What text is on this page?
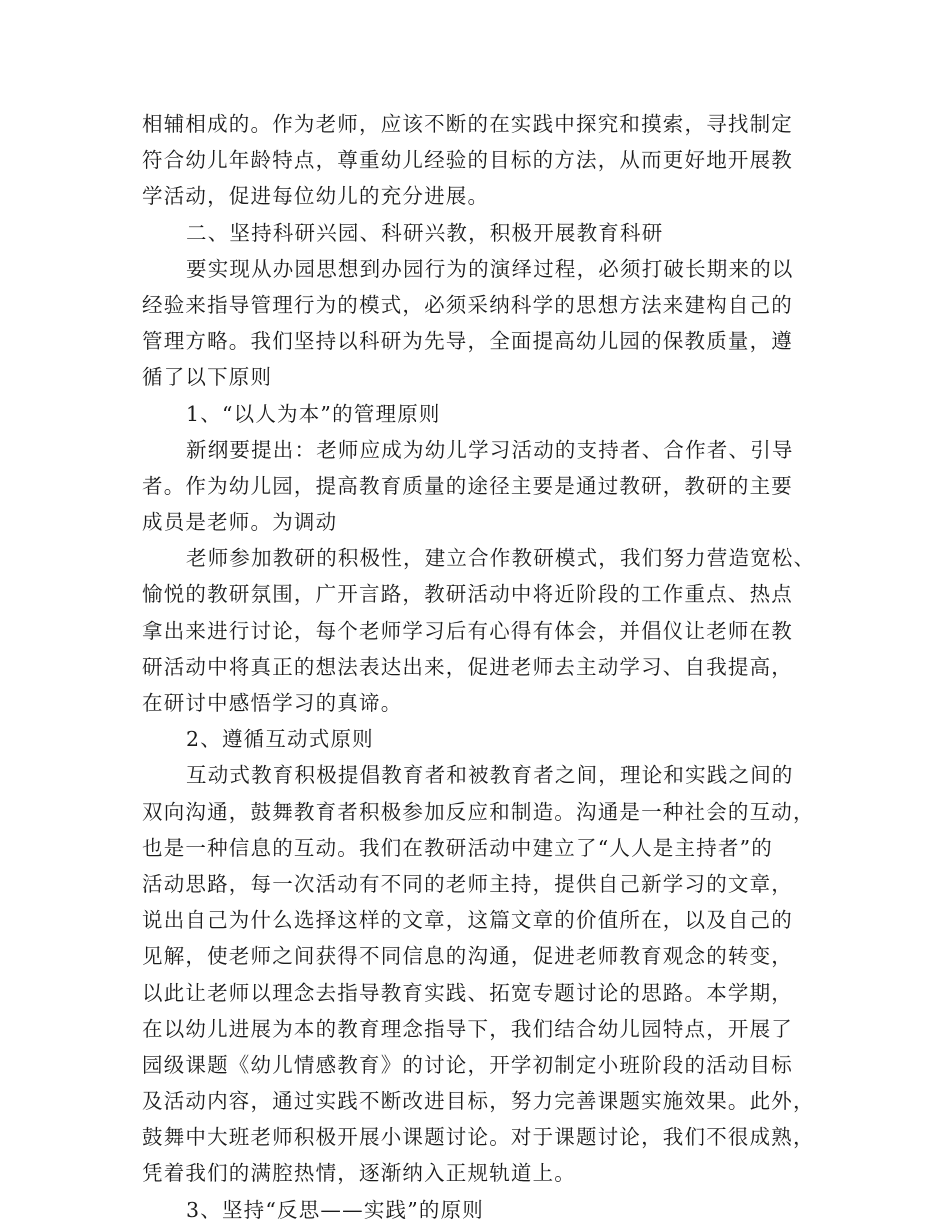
相辅相成的。作为老师，应该不断的在实践中探究和摸索，寻找制定
符合幼儿年龄特点，尊重幼儿经验的目标的方法，从而更好地开展教
学活动，促进每位幼儿的充分进展。
二、坚持科研兴园、科研兴教，积极开展教育科研
要实现从办园思想到办园行为的演绎过程，必须打破长期来的以
经验来指导管理行为的模式，必须采纳科学的思想方法来建构自己的
管理方略。我们坚持以科研为先导，全面提高幼儿园的保教质量，遵
循了以下原则
1、“以人为本”的管理原则
新纲要提出：老师应成为幼儿学习活动的支持者、合作者、引导
者。作为幼儿园，提高教育质量的途径主要是通过教研，教研的主要
成员是老师。为调动
老师参加教研的积极性，建立合作教研模式，我们努力营造宽松、
愉悦的教研氛围，广开言路，教研活动中将近阶段的工作重点、热点
拿出来进行讨论，每个老师学习后有心得有体会，并倡仪让老师在教
研活动中将真正的想法表达出来，促进老师去主动学习、自我提高，
在研讨中感悟学习的真谛。
2、遵循互动式原则
互动式教育积极提倡教育者和被教育者之间，理论和实践之间的
双向沟通，鼓舞教育者积极参加反应和制造。沟通是一种社会的互动，
也是一种信息的互动。我们在教研活动中建立了“人人是主持者”的
活动思路，每一次活动有不同的老师主持，提供自己新学习的文章，
说出自己为什么选择这样的文章，这篇文章的价值所在，以及自己的
见解，使老师之间获得不同信息的沟通，促进老师教育观念的转变，
以此让老师以理念去指导教育实践、拓宽专题讨论的思路。本学期，
在以幼儿进展为本的教育理念指导下，我们结合幼儿园特点，开展了
园级课题《幼儿情感教育》的讨论，开学初制定小班阶段的活动目标
及活动内容，通过实践不断改进目标，努力完善课题实施效果。此外，
鼓舞中大班老师积极开展小课题讨论。对于课题讨论，我们不很成熟，
凭着我们的满腔热情，逐渐纳入正规轨道上。
3、坚持“反思——实践”的原则
